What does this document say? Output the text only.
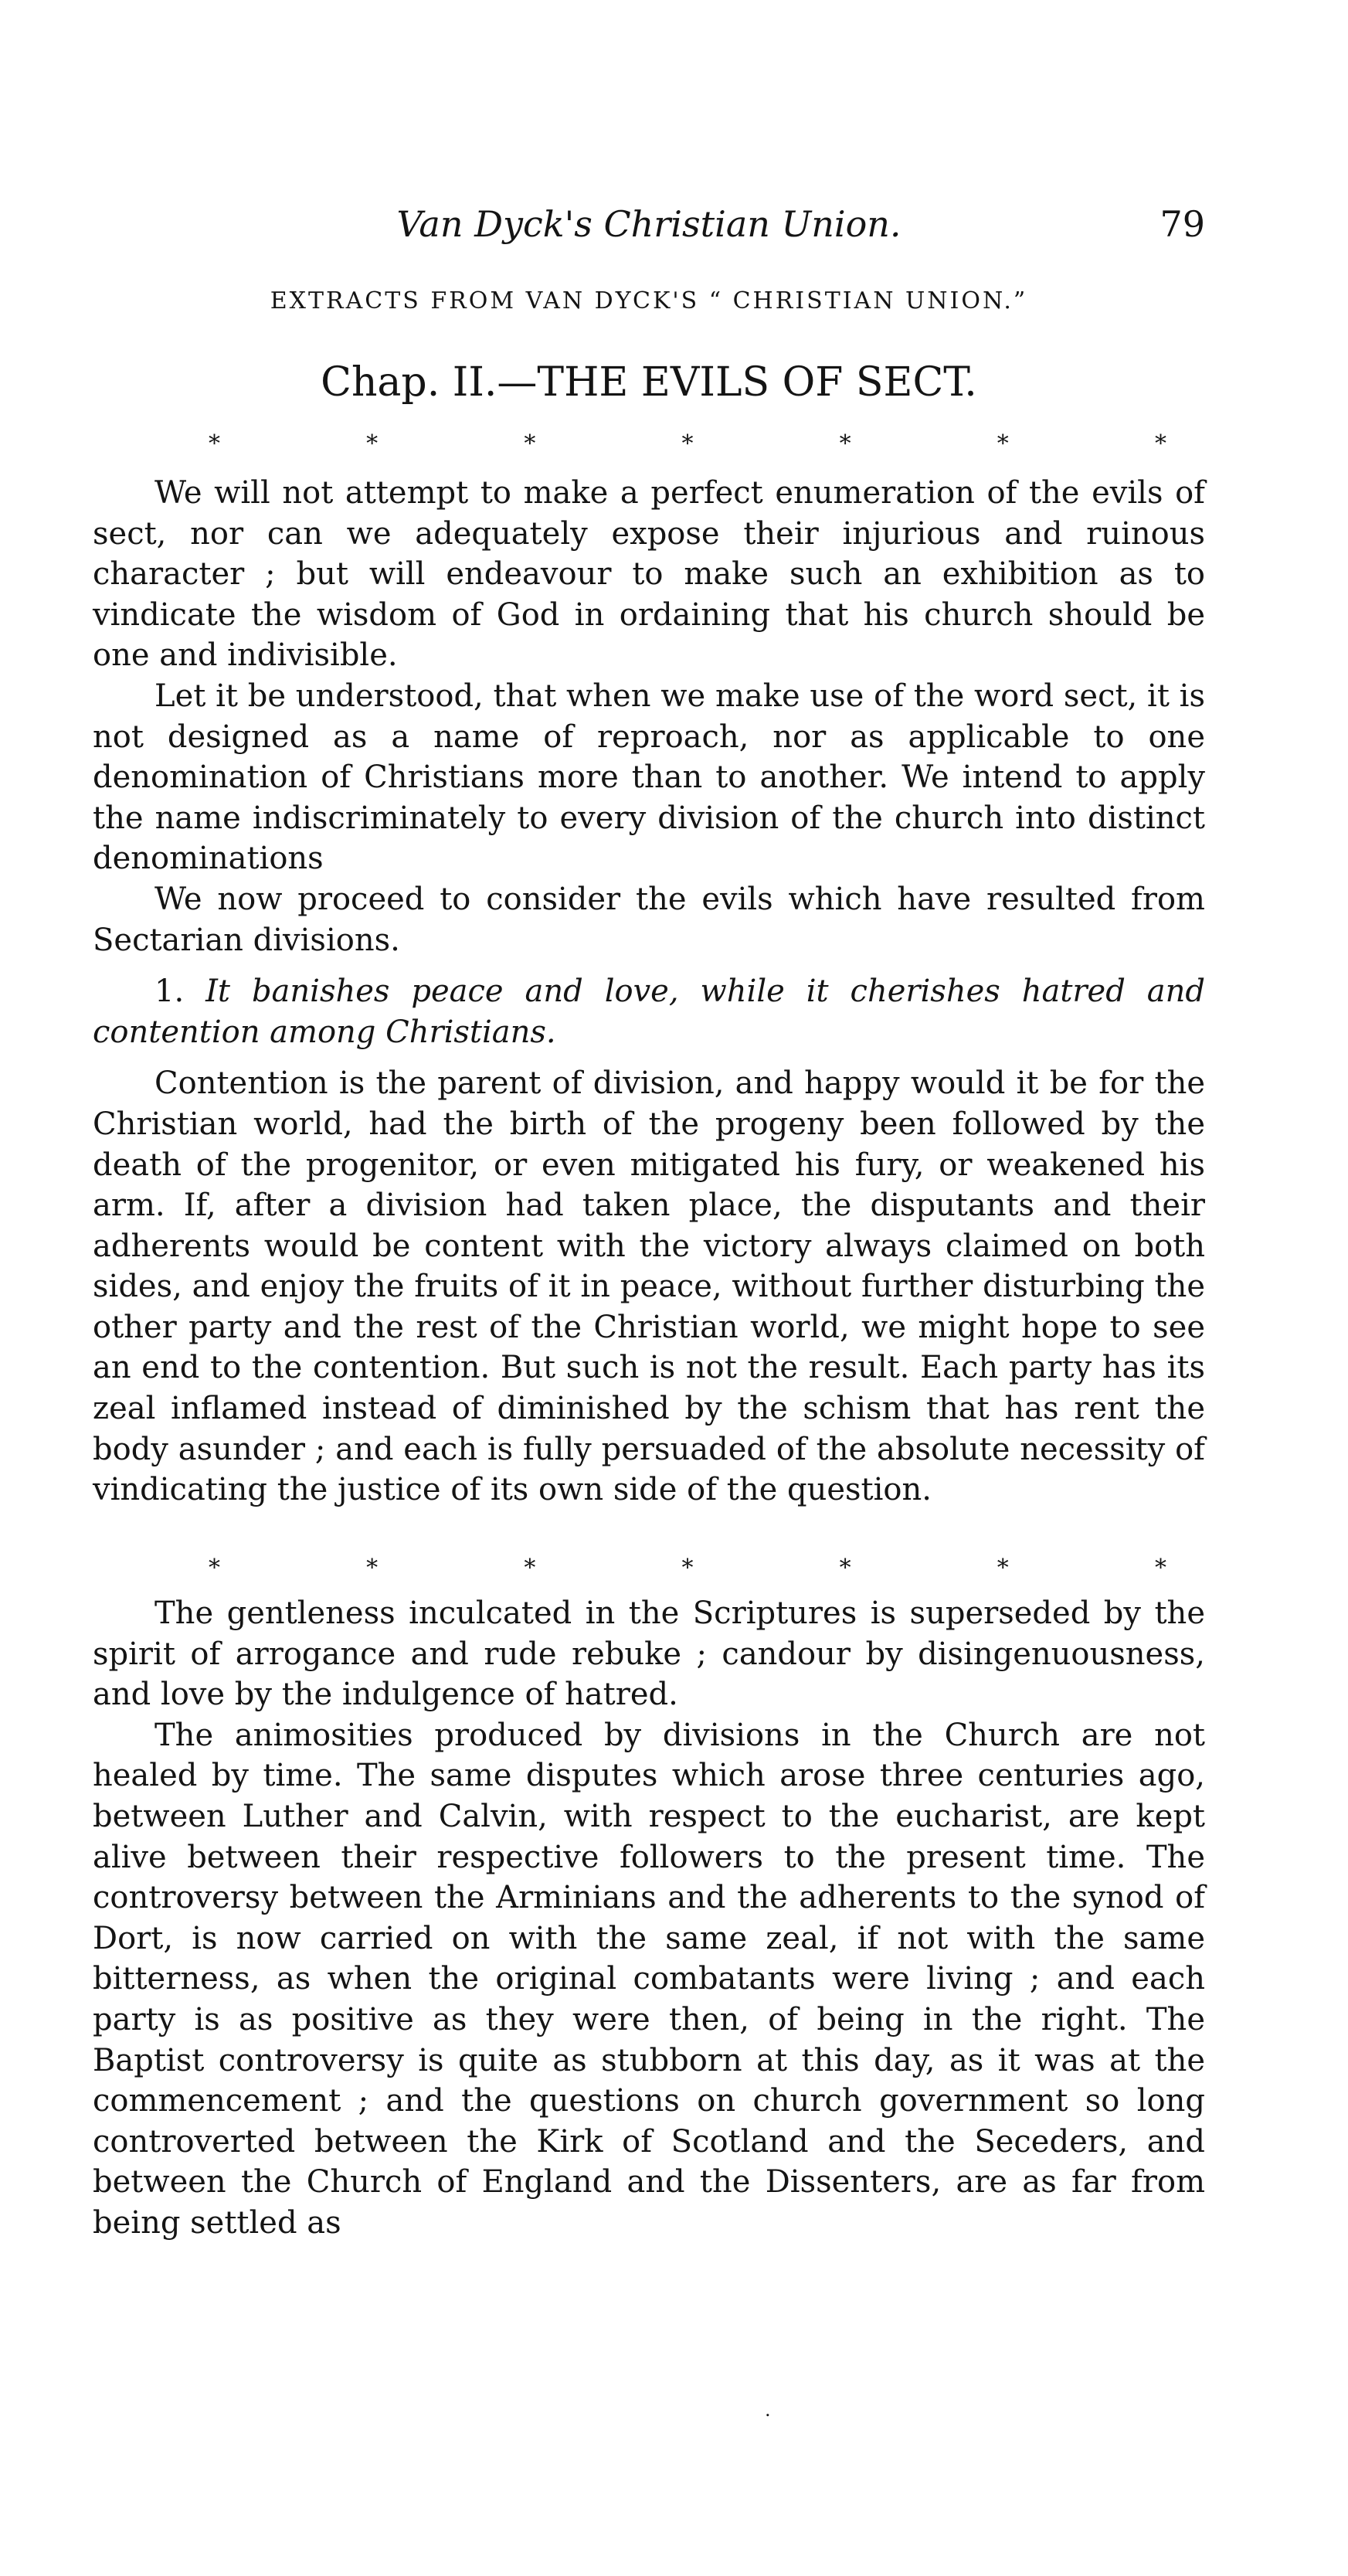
Van Dyck's Christian Union.	79
EXTRACTS FROM VAN DYCK'S “ CHRISTIAN UNION.”
Chap. II.—THE EVILS OF SECT.
*	*	*	*	*	*	*

We will not attempt to make a perfect enumeration of the evils of sect, nor can we adequately expose their injurious and ruinous character ; but will endeavour to make such an exhibition as to vindicate the wisdom of God in ordaining that his church should be one and indivisible.

Let it be understood, that when we make use of the word sect, it is not designed as a name of reproach, nor as applicable to one denomination of Christians more than to another. We intend to apply the name indiscriminately to every division of the church into distinct denominations

We now proceed to consider the evils which have resulted from Sectarian divisions.

1. It banishes peace and love, while it cherishes hatred and contention among Christians.

Contention is the parent of division, and happy would it be for the Christian world, had the birth of the progeny been followed by the death of the progenitor, or even mitigated his fury, or weakened his arm. If, after a division had taken place, the disputants and their adherents would be content with the victory always claimed on both sides, and enjoy the fruits of it in peace, without further disturbing the other party and the rest of the Christian world, we might hope to see an end to the contention. But such is not the result. Each party has its zeal inflamed instead of diminished by the schism that has rent the body asunder ; and each is fully persuaded of the absolute necessity of vindicating the justice of its own side of the question.

*	*	*	*	*	*	*

The gentleness inculcated in the Scriptures is superseded by the spirit of arrogance and rude rebuke ; candour by disingenuousness, and love by the indulgence of hatred.

The animosities produced by divisions in the Church are not healed by time. The same disputes which arose three centuries ago, between Luther and Calvin, with respect to the eucharist, are kept alive between their respective followers to the present time. The controversy between the Arminians and the adherents to the synod of Dort, is now carried on with the same zeal, if not with the same bitterness, as when the original combatants were living ; and each party is as positive as they were then, of being in the right. The Baptist controversy is quite as stubborn at this day, as it was at the commencement ; and the questions on church government so long controverted between the Kirk of Scotland and the Seceders, and between the Church of England and the Dissenters, are as far from being settled as

.
